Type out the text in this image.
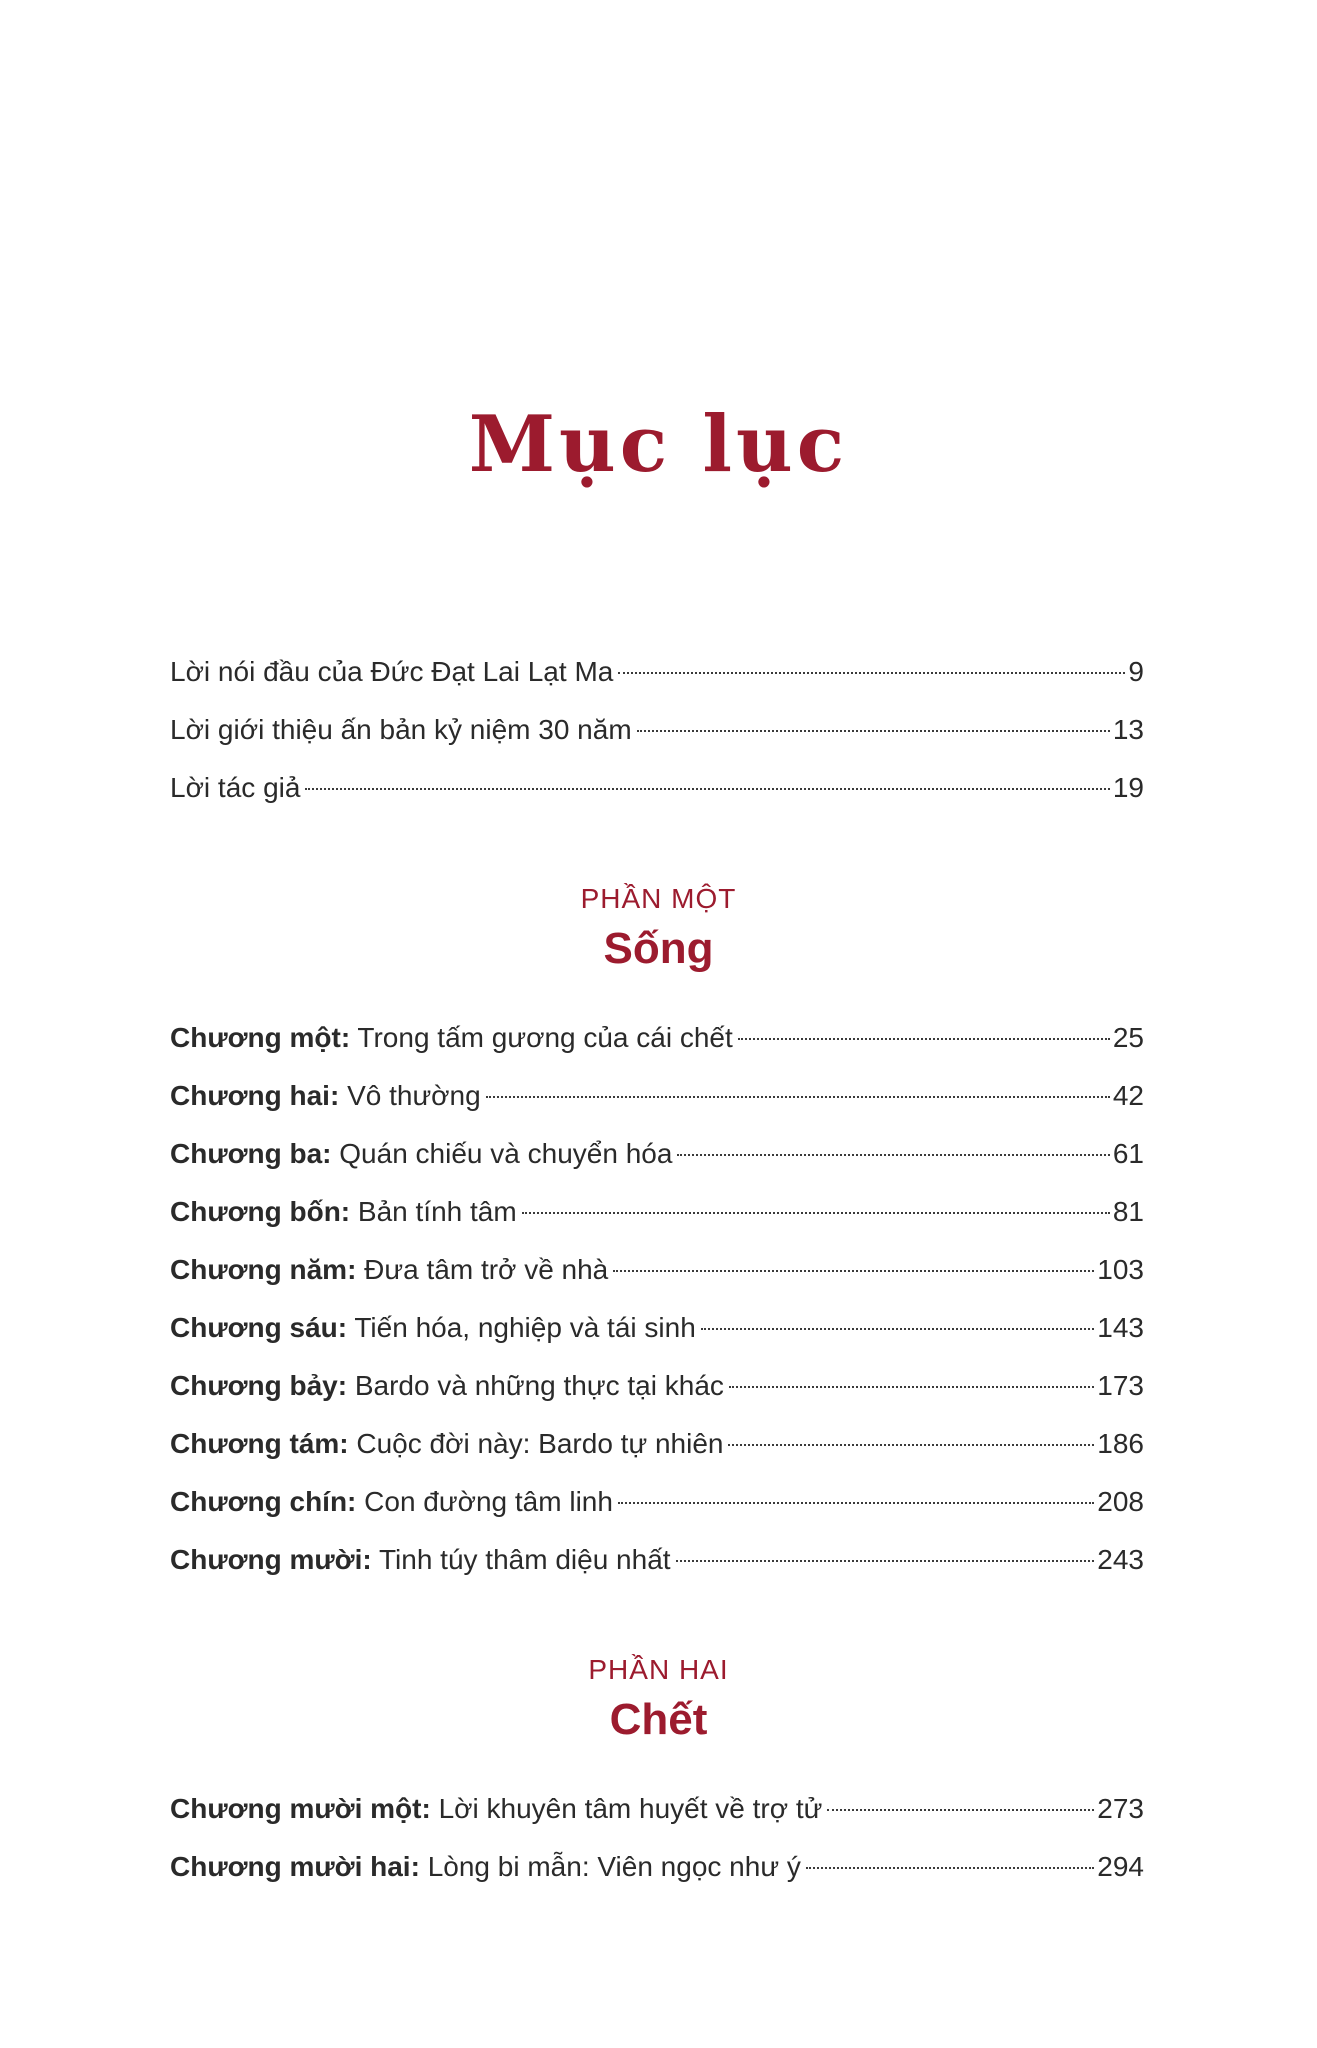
Mục lục
Lời nói đầu của Đức Đạt Lai Lạt Ma	9
Lời giới thiệu ấn bản kỷ niệm 30 năm	13
Lời tác giả	19
PHẦN MỘT
Sống
Chương một: Trong tấm gương của cái chết	25
Chương hai: Vô thường	42
Chương ba: Quán chiếu và chuyển hóa	61
Chương bốn: Bản tính tâm	81
Chương năm: Đưa tâm trở về nhà	103
Chương sáu: Tiến hóa, nghiệp và tái sinh	143
Chương bảy: Bardo và những thực tại khác	173
Chương tám: Cuộc đời này: Bardo tự nhiên	186
Chương chín: Con đường tâm linh	208
Chương mười: Tinh túy thâm diệu nhất	243
PHẦN HAI
Chết
Chương mười một: Lời khuyên tâm huyết về trợ tử	273
Chương mười hai: Lòng bi mẫn: Viên ngọc như ý	294
